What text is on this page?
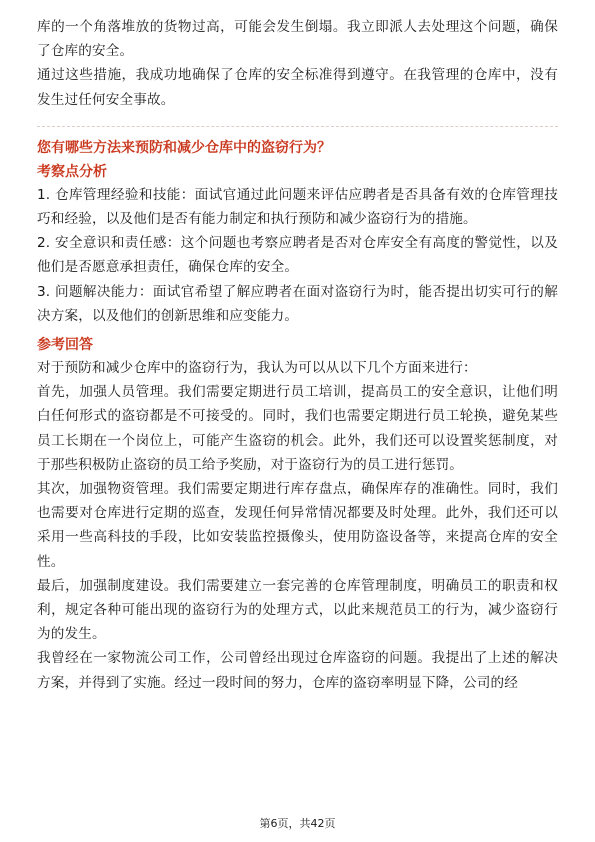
库的一个角落堆放的货物过高，可能会发生倒塌。我立即派人去处理这个问题，确保了仓库的安全。

通过这些措施，我成功地确保了仓库的安全标准得到遵守。在我管理的仓库中，没有发生过任何安全事故。

您有哪些方法来预防和减少仓库中的盗窃行为？
考察点分析

1. 仓库管理经验和技能：面试官通过此问题来评估应聘者是否具备有效的仓库管理技巧和经验，以及他们是否有能力制定和执行预防和减少盗窃行为的措施。

2. 安全意识和责任感：这个问题也考察应聘者是否对仓库安全有高度的警觉性，以及他们是否愿意承担责任，确保仓库的安全。

3. 问题解决能力：面试官希望了解应聘者在面对盗窃行为时，能否提出切实可行的解决方案，以及他们的创新思维和应变能力。

参考回答

对于预防和减少仓库中的盗窃行为，我认为可以从以下几个方面来进行：

首先，加强人员管理。我们需要定期进行员工培训，提高员工的安全意识，让他们明白任何形式的盗窃都是不可接受的。同时，我们也需要定期进行员工轮换，避免某些员工长期在一个岗位上，可能产生盗窃的机会。此外，我们还可以设置奖惩制度，对于那些积极防止盗窃的员工给予奖励，对于盗窃行为的员工进行惩罚。

其次，加强物资管理。我们需要定期进行库存盘点，确保库存的准确性。同时，我们也需要对仓库进行定期的巡查，发现任何异常情况都要及时处理。此外，我们还可以采用一些高科技的手段，比如安装监控摄像头，使用防盗设备等，来提高仓库的安全性。

最后，加强制度建设。我们需要建立一套完善的仓库管理制度，明确员工的职责和权利，规定各种可能出现的盗窃行为的处理方式，以此来规范员工的行为，减少盗窃行为的发生。

我曾经在一家物流公司工作，公司曾经出现过仓库盗窃的问题。我提出了上述的解决方案，并得到了实施。经过一段时间的努力，仓库的盗窃率明显下降，公司的经

第6页，共42页
